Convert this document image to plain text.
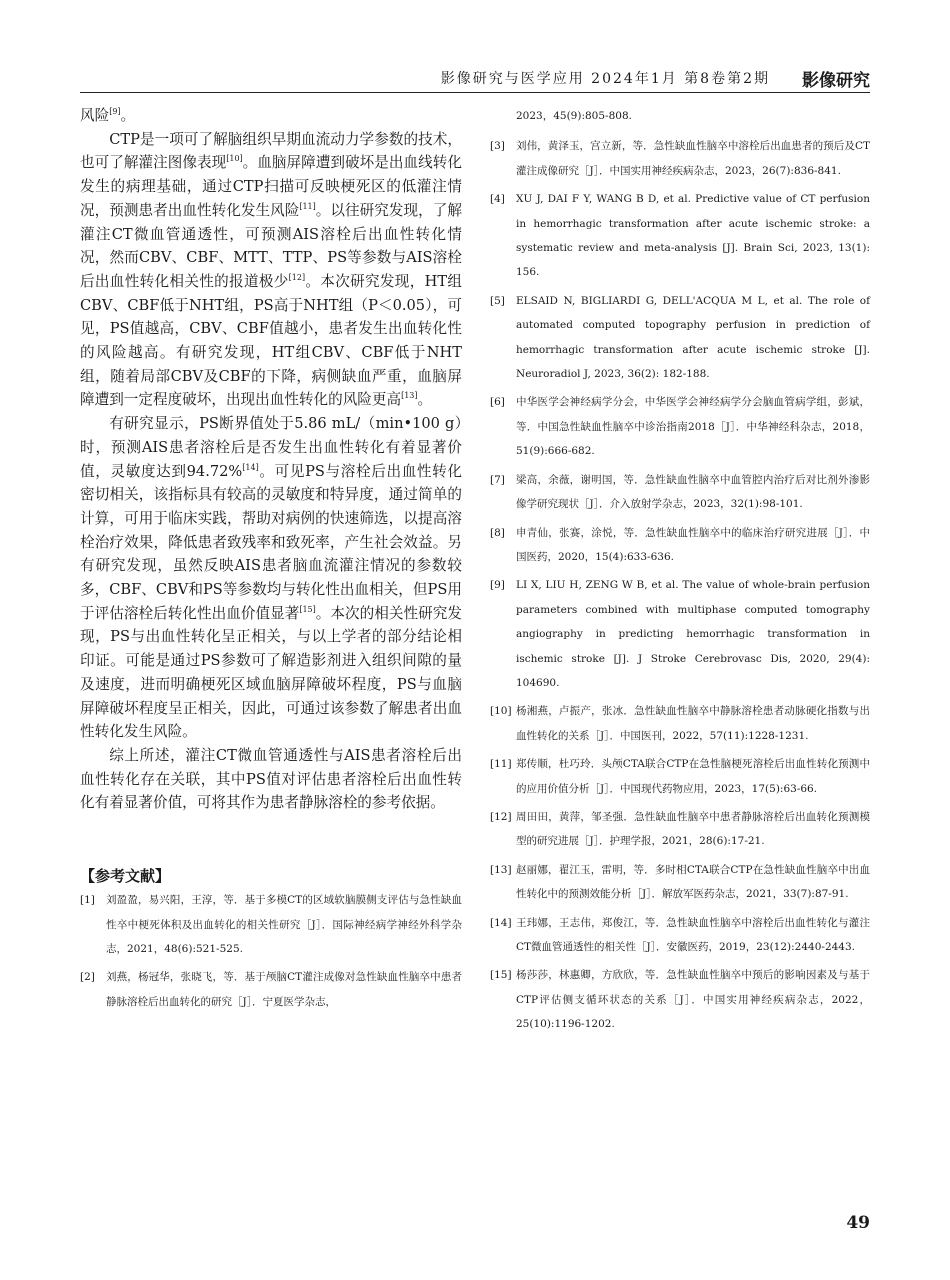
影像研究与医学应用 2024年1月 第8卷第2期 影像研究

风险[9]。

CTP是一项可了解脑组织早期血流动力学参数的技术，也可了解灌注图像表现[10]。血脑屏障遭到破坏是出血线转化发生的病理基础，通过CTP扫描可反映梗死区的低灌注情况，预测患者出血性转化发生风险[11]。以往研究发现，了解灌注CT微血管通透性，可预测AIS溶栓后出血性转化情况，然而CBV、CBF、MTT、TTP、PS等参数与AIS溶栓后出血性转化相关性的报道极少[12]。本次研究发现，HT组CBV、CBF低于NHT组，PS高于NHT组（P＜0.05），可见，PS值越高，CBV、CBF值越小，患者发生出血转化性的风险越高。有研究发现，HT组CBV、CBF低于NHT组，随着局部CBV及CBF的下降，病侧缺血严重，血脑屏障遭到一定程度破坏，出现出血性转化的风险更高[13]。

有研究显示，PS断界值处于5.86 mL/（min•100 g）时，预测AIS患者溶栓后是否发生出血性转化有着显著价值，灵敏度达到94.72%[14]。可见PS与溶栓后出血性转化密切相关，该指标具有较高的灵敏度和特异度，通过简单的计算，可用于临床实践，帮助对病例的快速筛选，以提高溶栓治疗效果，降低患者致残率和致死率，产生社会效益。另有研究发现，虽然反映AIS患者脑血流灌注情况的参数较多，CBF、CBV和PS等参数均与转化性出血相关，但PS用于评估溶栓后转化性出血价值显著[15]。本次的相关性研究发现，PS与出血性转化呈正相关，与以上学者的部分结论相印证。可能是通过PS参数可了解造影剂进入组织间隙的量及速度，进而明确梗死区域血脑屏障破坏程度，PS与血脑屏障破坏程度呈正相关，因此，可通过该参数了解患者出血性转化发生风险。

综上所述，灌注CT微血管通透性与AIS患者溶栓后出血性转化存在关联，其中PS值对评估患者溶栓后出血性转化有着显著价值，可将其作为患者静脉溶栓的参考依据。

【参考文献】
[1] 刘盈盈，易兴阳，王淳，等．基于多模CT的区域软脑膜侧支评估与急性缺血性卒中梗死体积及出血转化的相关性研究［J］．国际神经病学神经外科学杂志，2021，48(6):521-525.
[2] 刘燕，杨冠华，张晓飞，等．基于颅脑CT灌注成像对急性缺血性脑卒中患者静脉溶栓后出血转化的研究［J］．宁夏医学杂志，
2023，45(9):805-808.
[3] 刘伟，黄泽玉，宫立新，等．急性缺血性脑卒中溶栓后出血患者的预后及CT灌注成像研究［J］．中国实用神经疾病杂志，2023，26(7):836-841.
[4] XU J, DAI F Y, WANG B D, et al. Predictive value of CT perfusion in hemorrhagic transformation after acute ischemic stroke: a systematic review and meta-analysis [J]. Brain Sci, 2023, 13(1): 156.
[5] ELSAID N, BIGLIARDI G, DELL'ACQUA M L, et al. The role of automated computed topography perfusion in prediction of hemorrhagic transformation after acute ischemic stroke [J]. Neuroradiol J, 2023, 36(2): 182-188.
[6] 中华医学会神经病学分会，中华医学会神经病学分会脑血管病学组，彭斌，等．中国急性缺血性脑卒中诊治指南2018［J］．中华神经科杂志，2018，51(9):666-682.
[7] 梁高，余薇，谢明国，等．急性缺血性脑卒中血管腔内治疗后对比剂外渗影像学研究现状［J］．介入放射学杂志，2023，32(1):98-101.
[8] 申青仙，张赛，涂悦，等．急性缺血性脑卒中的临床治疗研究进展［J］．中国医药，2020，15(4):633-636.
[9] LI X, LIU H, ZENG W B, et al. The value of whole-brain perfusion parameters combined with multiphase computed tomography angiography in predicting hemorrhagic transformation in ischemic stroke [J]. J Stroke Cerebrovasc Dis, 2020, 29(4): 104690.
[10] 杨湘燕，卢振产，张冰．急性缺血性脑卒中静脉溶栓患者动脉硬化指数与出血性转化的关系［J］．中国医刊，2022，57(11):1228-1231.
[11] 郑传顺，杜巧玲．头颅CTA联合CTP在急性脑梗死溶栓后出血性转化预测中的应用价值分析［J］．中国现代药物应用，2023，17(5):63-66.
[12] 周田田，黄萍，邹圣强．急性缺血性脑卒中患者静脉溶栓后出血转化预测模型的研究进展［J］．护理学报，2021，28(6):17-21.
[13] 赵丽娜，翟江玉，雷明，等．多时相CTA联合CTP在急性缺血性脑卒中出血性转化中的预测效能分析［J］．解放军医药杂志，2021，33(7):87-91.
[14] 王玮娜，王志伟，郑俊江，等．急性缺血性脑卒中溶栓后出血性转化与灌注CT微血管通透性的相关性［J］．安徽医药，2019，23(12):2440-2443.
[15] 杨莎莎，林惠卿，方欣欣，等．急性缺血性脑卒中预后的影响因素及与基于CTP评估侧支循环状态的关系［J］．中国实用神经疾病杂志，2022，25(10):1196-1202.
49
